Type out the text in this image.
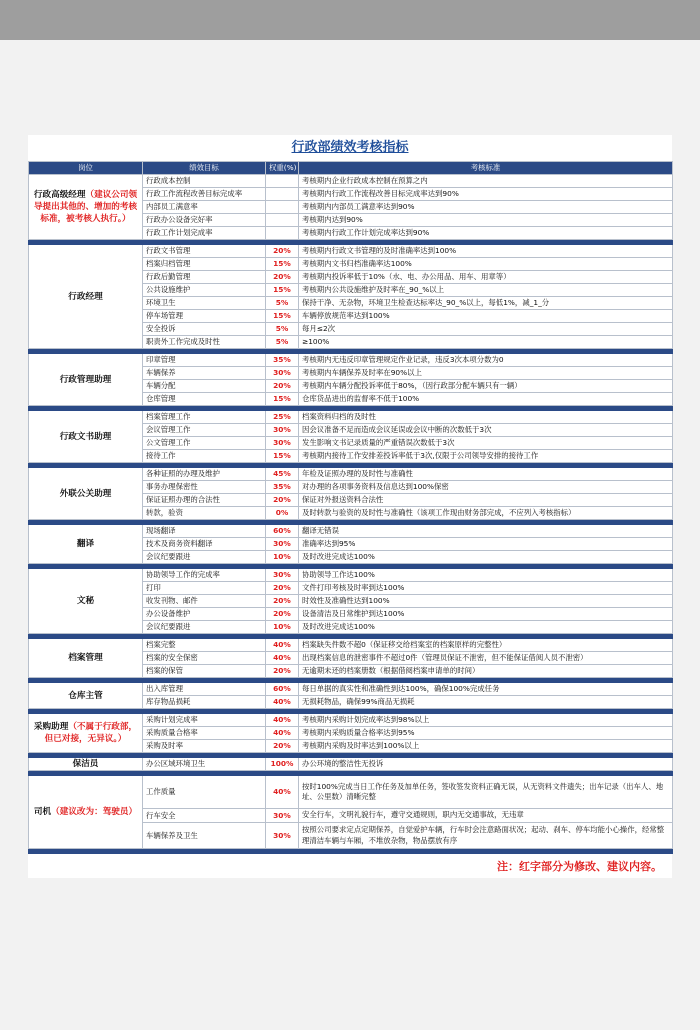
行政部绩效考核指标
岗位	绩效目标	权重(%)	考核标准
行政高级经理（建议公司领导提出其他的、增加的考核标准，被考核人执行。）	行政成本控制		考核期内企业行政成本控制在预算之内
	行政工作流程改善目标完成率		考核期内行政工作流程改善目标完成率达到90%
	内部员工满意率		考核期内内部员工满意率达到90%
	行政办公设备完好率		考核期内达到90%
	行政工作计划完成率		考核期内行政工作计划完成率达到90%

行政经理	行政文书管理	20%	考核期内行政文书管理的及时准确率达到100%
	档案归档管理	15%	考核期内文书归档准确率达100%
	行政后勤管理	20%	考核期内投诉率低于10%（水、电、办公用品、用车、用章等）
	公共设施维护	15%	考核期内公共设施维护及时率在_90_%以上
	环境卫生	5%	保持干净、无杂物，环境卫生检查达标率达_90_%以上，每低1%，减_1_分
	停车场管理	15%	车辆停放规范率达到100%
	安全投诉	5%	每月≤2次
	职责外工作完成及时性	5%	≥100%

行政管理助理	印章管理	35%	考核期内无违反印章管理规定作业记录，违反3次本项分数为0
	车辆保养	30%	考核期内车辆保养及时率在90%以上
	车辆分配	20%	考核期内车辆分配投诉率低于80%，（因行政部分配车辆只有一辆）
	仓库管理	15%	仓库货品进出的监督率不低于100%

行政文书助理	档案管理工作	25%	档案资料归档的及时性
	会议管理工作	30%	因会议准备不足而造成会议延误或会议中断的次数低于3次
	公文管理工作	30%	发生影响文书记录质量的严重错误次数低于3次
	接待工作	15%	考核期内接待工作安排差投诉率低于3次,仅限于公司领导安排的接待工作

外联公关助理	各种证照的办理及维护	45%	年检及证照办理的及时性与准确性
	事务办理保密性	35%	对办理的各项事务资料及信息达到100%保密
	保证证照办理的合法性	20%	保证对外报送资料合法性
	转款，验资	0%	及时转款与验资的及时性与准确性（该项工作现由财务部完成，不应列入考核指标）

翻译	现场翻译	60%	翻译无错误
	技术及商务资料翻译	30%	准确率达到95%
	会议纪要跟进	10%	及时改进完成达100%

文秘	协助领导工作的完成率	30%	协助领导工作达100%
	打印	20%	文件打印考核及时率到达100%
	收发刊物、邮件	20%	时效性及准确性达到100%
	办公设备维护	20%	设备清洁及日常维护到达100%
	会议纪要跟进	10%	及时改进完成达100%

档案管理	档案完整	40%	档案缺失件数不超0（保证移交给档案室的档案原样的完整性）
	档案的安全保密	40%	出现档案信息的泄密事件不超过0件（管理员保证不泄密，但不能保证借阅人员不泄密）
	档案的保管	20%	无逾期未还的档案册数（根据借阅档案申请单的时间）

仓库主管	出入库管理	60%	每日单据的真实性和准确性到达100%，确保100%完成任务
	库存物品损耗	40%	无损耗物品，确保99%商品无损耗

采购助理（不属于行政部，但已对接，无异议。）	采购计划完成率	40%	考核期内采购计划完成率达到98%以上
	采购质量合格率	40%	考核期内采购质量合格率达到95%
	采购及时率	20%	考核期内采购及时率达到100%以上

保洁员	办公区域环境卫生	100%	办公环境的整洁性无投诉

司机（建议改为：驾驶员）	工作质量	40%	按时100%完成当日工作任务及加单任务，签收签发资料正确无误，从无资料文件遗失；出车记录（出车人、地址、公里数）清晰完整
	行车安全	30%	安全行车，文明礼貌行车，遵守交通规则，职内无交通事故，无违章
	车辆保养及卫生	30%	按照公司要求定点定期保养，自觉爱护车辆，行车时会注意路面状况；起动、刹车、停车均能小心操作，经常整理清洁车辆与车厢，不堆放杂物，物品摆放有序

注：红字部分为修改、建议内容。
